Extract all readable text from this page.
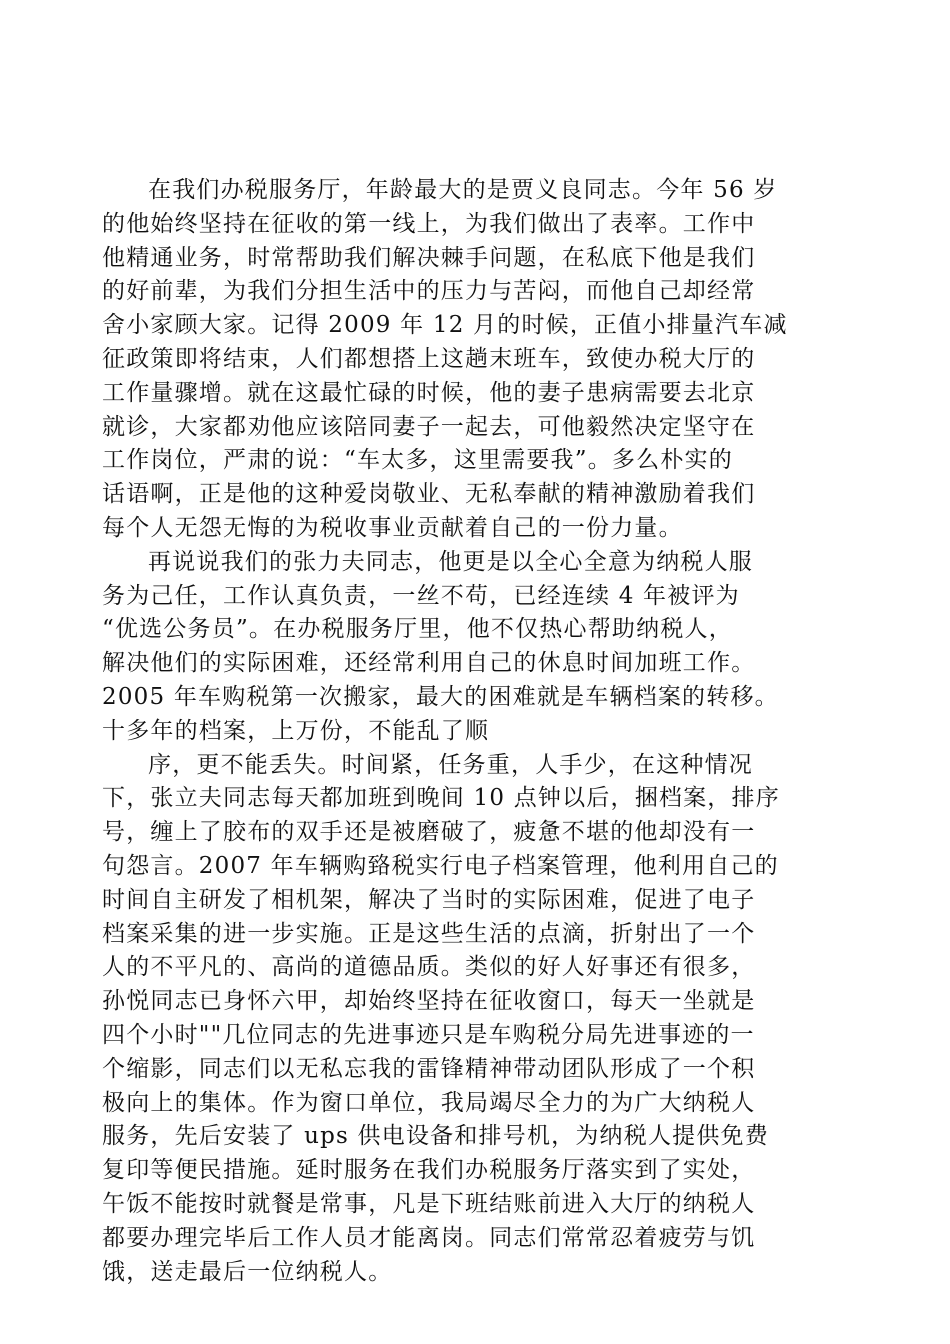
在我们办税服务厅，年龄最大的是贾义良同志。今年 56 岁
的他始终坚持在征收的第一线上，为我们做出了表率。工作中
他精通业务，时常帮助我们解决棘手问题，在私底下他是我们
的好前辈，为我们分担生活中的压力与苦闷，而他自己却经常
舍小家顾大家。记得 2009 年 12 月的时候，正值小排量汽车减
征政策即将结束，人们都想搭上这趟末班车，致使办税大厅的
工作量骤增。就在这最忙碌的时候，他的妻子患病需要去北京
就诊，大家都劝他应该陪同妻子一起去，可他毅然决定坚守在
工作岗位，严肃的说：“车太多，这里需要我”。多么朴实的
话语啊，正是他的这种爱岗敬业、无私奉献的精神激励着我们
每个人无怨无悔的为税收事业贡献着自己的一份力量。

再说说我们的张力夫同志，他更是以全心全意为纳税人服
务为己任，工作认真负责，一丝不苟，已经连续 4 年被评为
“优选公务员”。在办税服务厅里，他不仅热心帮助纳税人，
解决他们的实际困难，还经常利用自己的休息时间加班工作。
2005 年车购税第一次搬家，最大的困难就是车辆档案的转移。
十多年的档案，上万份，不能乱了顺

序，更不能丢失。时间紧，任务重，人手少，在这种情况
下，张立夫同志每天都加班到晚间 10 点钟以后，捆档案，排序
号，缠上了胶布的双手还是被磨破了，疲惫不堪的他却没有一
句怨言。2007 年车辆购臵税实行电子档案管理，他利用自己的
时间自主研发了相机架，解决了当时的实际困难，促进了电子
档案采集的进一步实施。正是这些生活的点滴，折射出了一个
人的不平凡的、高尚的道德品质。类似的好人好事还有很多，
孙悦同志已身怀六甲，却始终坚持在征收窗口，每天一坐就是
四个小时""几位同志的先进事迹只是车购税分局先进事迹的一
个缩影，同志们以无私忘我的雷锋精神带动团队形成了一个积
极向上的集体。作为窗口单位，我局竭尽全力的为广大纳税人
服务，先后安装了 ups 供电设备和排号机，为纳税人提供免费
复印等便民措施。延时服务在我们办税服务厅落实到了实处，
午饭不能按时就餐是常事，凡是下班结账前进入大厅的纳税人
都要办理完毕后工作人员才能离岗。同志们常常忍着疲劳与饥
饿，送走最后一位纳税人。
